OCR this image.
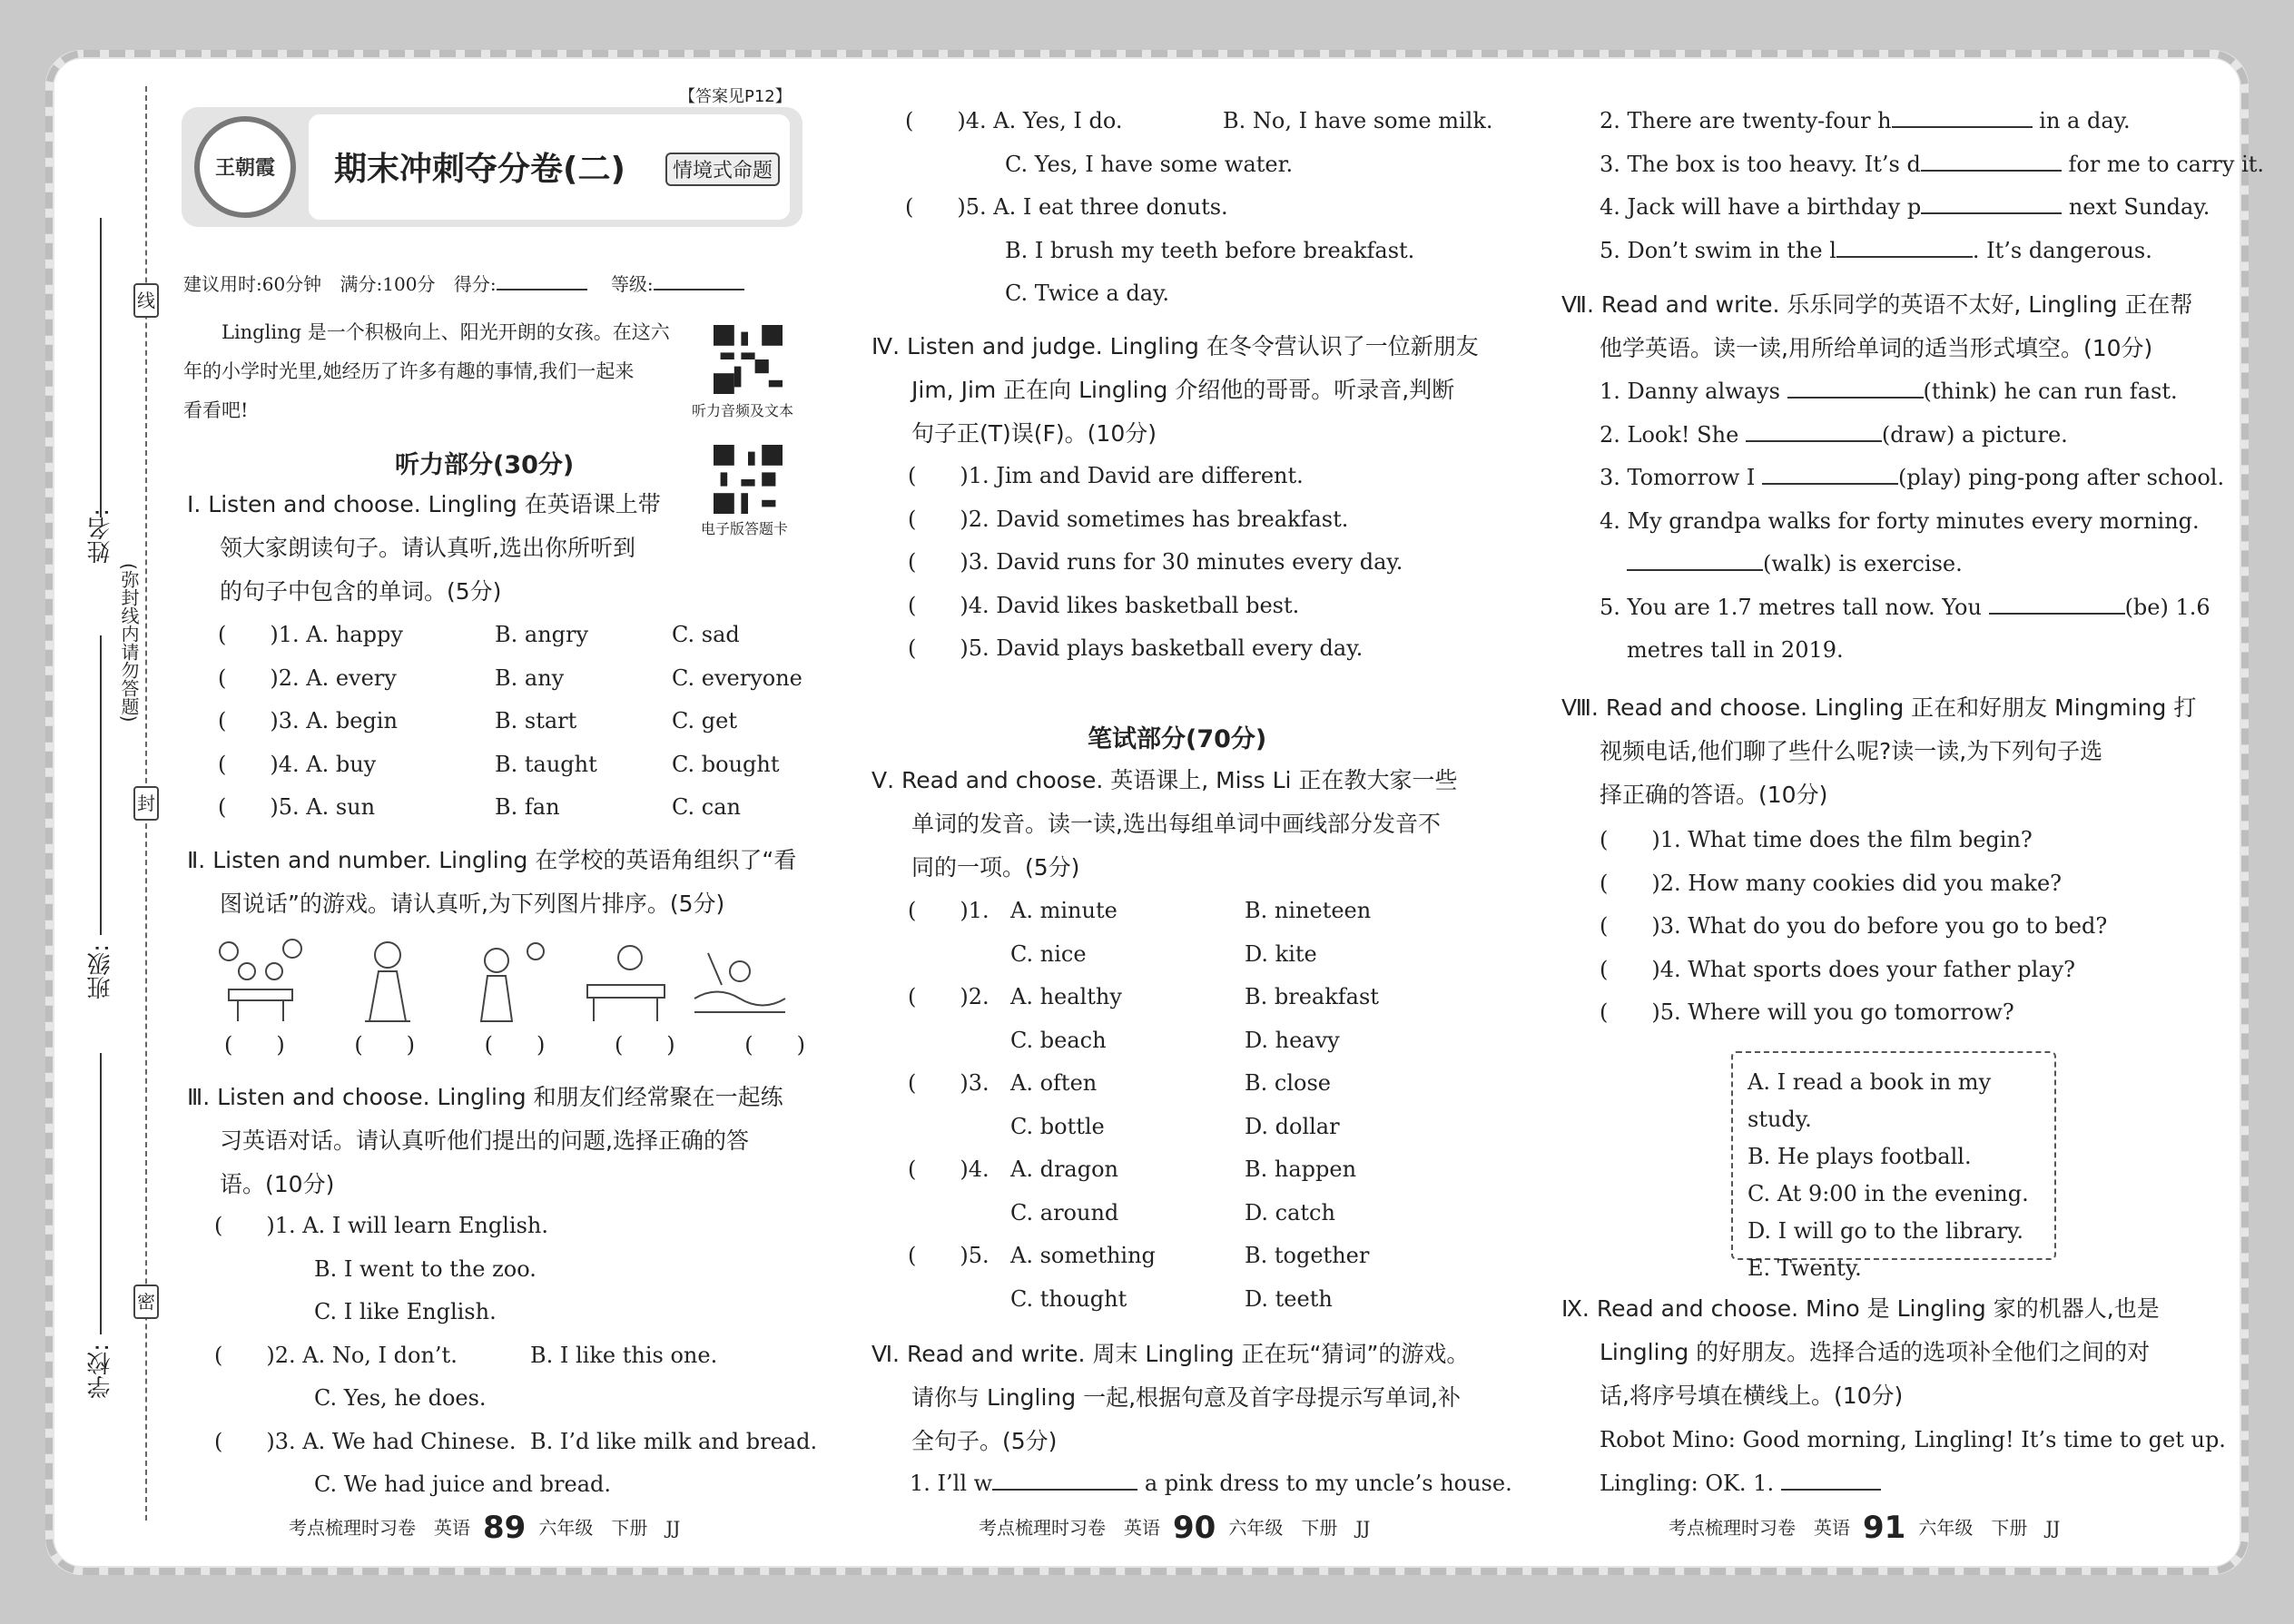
线
封
密
(弥封线内请勿答题)
姓名:
班级:
学校:
【答案见P12】
王朝霞	期末冲刺夺分卷(二)	情境式命题
建议用时:60分钟 满分:100分 得分:	等级:
Lingling 是一个积极向上、阳光开朗的女孩。在这六
年的小学时光里,她经历了许多有趣的事情,我们一起来
看看吧!	听力音频及文本
电子版答题卡
听力部分(30分)
Ⅰ. Listen and choose. Lingling 在英语课上带
领大家朗读句子。请认真听,选出你所听到
的句子中包含的单词。(5分)
(　　)1. A. happy	B. angry	C. sad
(　　)2. A. every	B. any	C. everyone
(　　)3. A. begin	B. start	C. get
(　　)4. A. buy	B. taught	C. bought
(　　)5. A. sun	B. fan	C. can
Ⅱ. Listen and number. Lingling 在学校的英语角组织了“看
图说话”的游戏。请认真听,为下列图片排序。(5分)
(　　)	(　　)	(　　)	(　　)	(　　)
Ⅲ. Listen and choose. Lingling 和朋友们经常聚在一起练
习英语对话。请认真听他们提出的问题,选择正确的答
语。(10分)
(　　)1. A. I will learn English.
B. I went to the zoo.
C. I like English.
(　　)2. A. No, I don’t.	B. I like this one.
C. Yes, he does.
(　　)3. A. We had Chinese. B. I’d like milk and bread.
C. We had juice and bread.
(　　)4. A. Yes, I do.	B. No, I have some milk.
C. Yes, I have some water.
(　　)5. A. I eat three donuts.
B. I brush my teeth before breakfast.
C. Twice a day.
Ⅳ. Listen and judge. Lingling 在冬令营认识了一位新朋友
Jim, Jim 正在向 Lingling 介绍他的哥哥。听录音,判断
句子正(T)误(F)。(10分)
(　　)1. Jim and David are different.
(　　)2. David sometimes has breakfast.
(　　)3. David runs for 30 minutes every day.
(　　)4. David likes basketball best.
(　　)5. David plays basketball every day.
笔试部分(70分)
Ⅴ. Read and choose. 英语课上, Miss Li 正在教大家一些
单词的发音。读一读,选出每组单词中画线部分发音不
同的一项。(5分)
(　　)1. A. minute	B. nineteen
C. nice	D. kite
(　　)2. A. healthy	B. breakfast
C. beach	D. heavy
(　　)3. A. often	B. close
C. bottle	D. dollar
(　　)4. A. dragon	B. happen
C. around	D. catch
(　　)5. A. something	B. together
C. thought	D. teeth
Ⅵ. Read and write. 周末 Lingling 正在玩“猜词”的游戏。
请你与 Lingling 一起,根据句意及首字母提示写单词,补
全句子。(5分)
1. I’ll w	a pink dress to my uncle’s house.
2. There are twenty-four h	in a day.
3. The box is too heavy. It’s d	for me to carry it.
4. Jack will have a birthday p	next Sunday.
5. Don’t swim in the l	. It’s dangerous.
Ⅶ. Read and write. 乐乐同学的英语不太好, Lingling 正在帮
他学英语。读一读,用所给单词的适当形式填空。(10分)
1. Danny always	(think) he can run fast.
2. Look! She	(draw) a picture.
3. Tomorrow I	(play) ping-pong after school.
4. My grandpa walks for forty minutes every morning.
(walk) is exercise.
5. You are 1.7 metres tall now. You	(be) 1.6
metres tall in 2019.
Ⅷ. Read and choose. Lingling 正在和好朋友 Mingming 打
视频电话,他们聊了些什么呢?读一读,为下列句子选
择正确的答语。(10分)
(　　)1. What time does the film begin?
(　　)2. How many cookies did you make?
(　　)3. What do you do before you go to bed?
(　　)4. What sports does your father play?
(　　)5. Where will you go tomorrow?
A. I read a book in my study.
B. He plays football.
C. At 9:00 in the evening.
D. I will go to the library.
E. Twenty.
Ⅸ. Read and choose. Mino 是 Lingling 家的机器人,也是
Lingling 的好朋友。选择合适的选项补全他们之间的对
话,将序号填在横线上。(10分)
Robot Mino: Good morning, Lingling! It’s time to get up.
Lingling: OK. 1.
考点梳理时习卷　英语 89 六年级　下册　JJ	考点梳理时习卷　英语 90 六年级　下册　JJ	考点梳理时习卷　英语 91 六年级　下册　JJ
